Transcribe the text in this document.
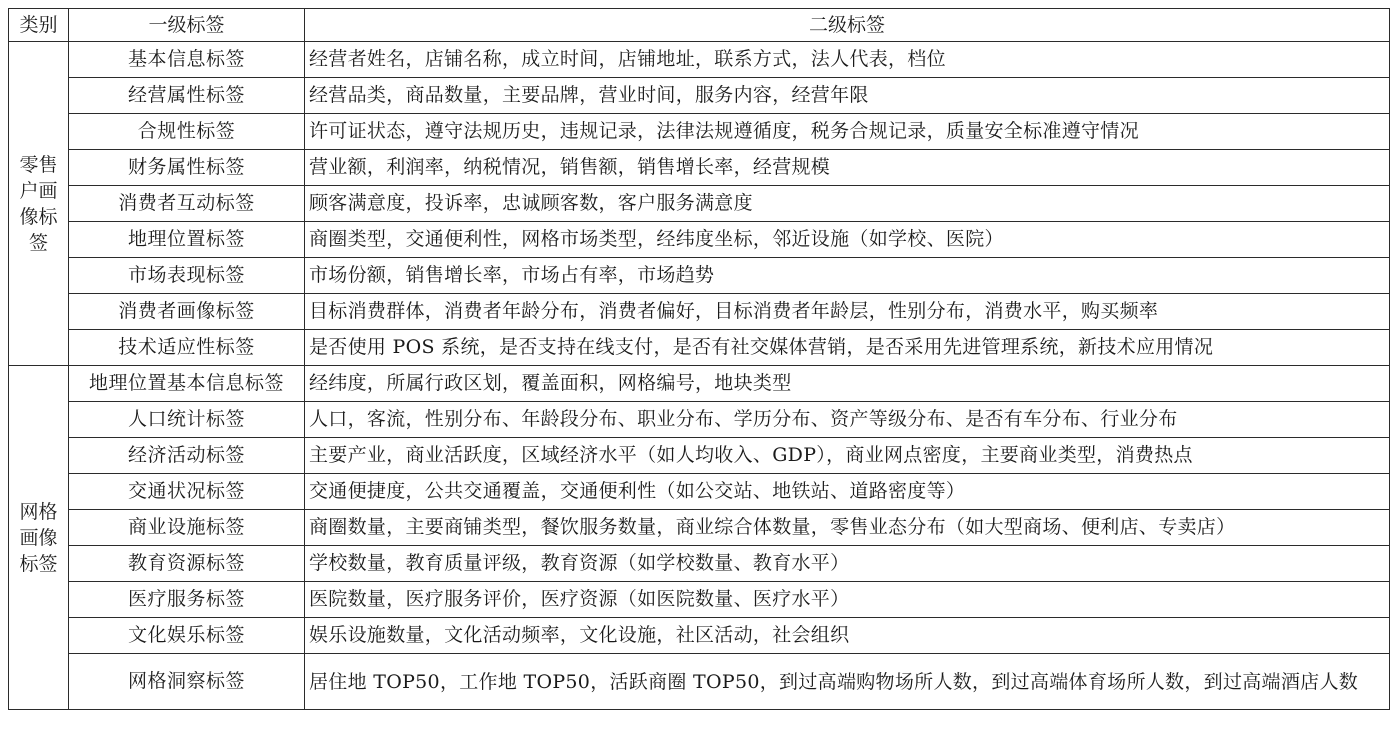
类别	一级标签	二级标签

零售户画像标签	基本信息标签	经营者姓名，店铺名称，成立时间，店铺地址，联系方式，法人代表，档位
	经营属性标签	经营品类，商品数量，主要品牌，营业时间，服务内容，经营年限
	合规性标签	许可证状态，遵守法规历史，违规记录，法律法规遵循度，税务合规记录，质量安全标准遵守情况
	财务属性标签	营业额，利润率，纳税情况，销售额，销售增长率，经营规模
	消费者互动标签	顾客满意度，投诉率，忠诚顾客数，客户服务满意度
	地理位置标签	商圈类型，交通便利性，网格市场类型，经纬度坐标，邻近设施（如学校、医院）
	市场表现标签	市场份额，销售增长率，市场占有率，市场趋势
	消费者画像标签	目标消费群体，消费者年龄分布，消费者偏好，目标消费者年龄层，性别分布，消费水平，购买频率
	技术适应性标签	是否使用 POS 系统，是否支持在线支付，是否有社交媒体营销，是否采用先进管理系统，新技术应用情况

网格画像标签	地理位置基本信息标签	经纬度，所属行政区划，覆盖面积，网格编号，地块类型
	人口统计标签	人口，客流，性别分布、年龄段分布、职业分布、学历分布、资产等级分布、是否有车分布、行业分布
	经济活动标签	主要产业，商业活跃度，区域经济水平（如人均收入、GDP），商业网点密度，主要商业类型，消费热点
	交通状况标签	交通便捷度，公共交通覆盖，交通便利性（如公交站、地铁站、道路密度等）
	商业设施标签	商圈数量，主要商铺类型，餐饮服务数量，商业综合体数量，零售业态分布（如大型商场、便利店、专卖店）
	教育资源标签	学校数量，教育质量评级，教育资源（如学校数量、教育水平）
	医疗服务标签	医院数量，医疗服务评价，医疗资源（如医院数量、医疗水平）
	文化娱乐标签	娱乐设施数量，文化活动频率，文化设施，社区活动，社会组织
	网格洞察标签	居住地 TOP50，工作地 TOP50，活跃商圈 TOP50，到过高端购物场所人数，到过高端体育场所人数，到过高端酒店人数
